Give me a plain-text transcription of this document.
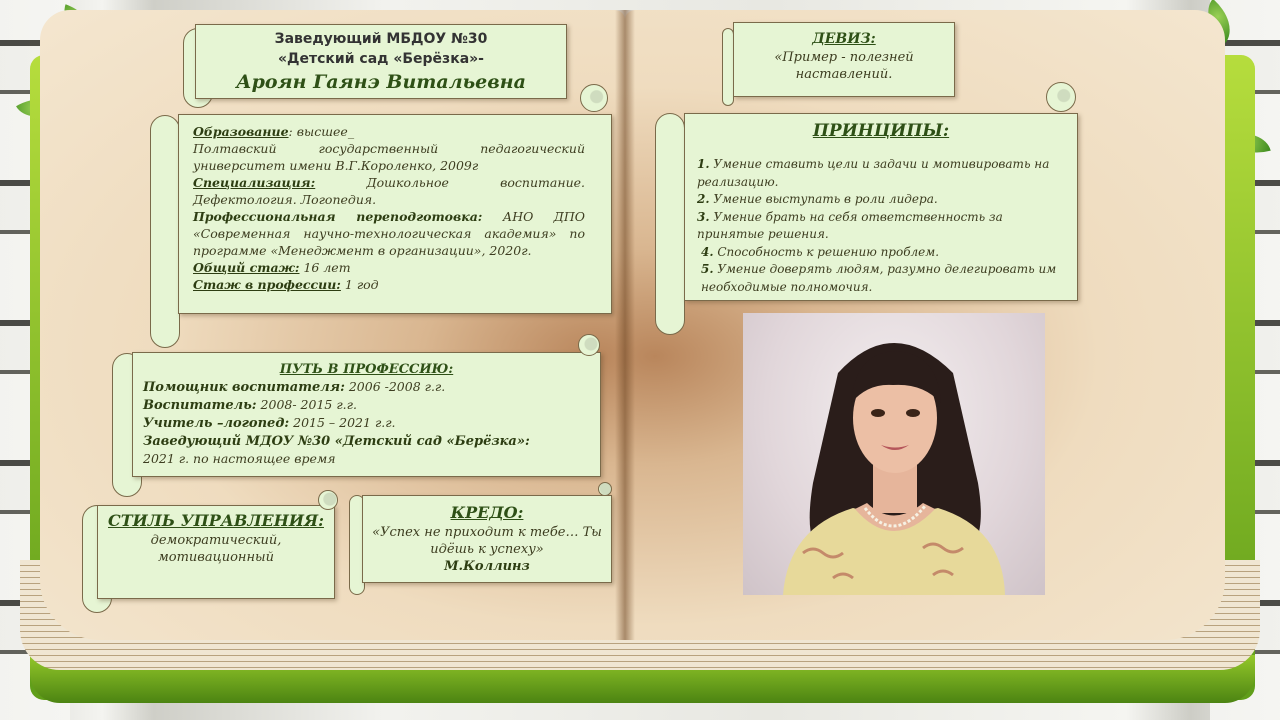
Заведующий МБДОУ №30
«Детский сад «Берёзка»-
Ароян Гаянэ Витальевна
Образование: высшее_
Полтавский государственный педагогический университет имени В.Г.Короленко, 2009г
Специализация: Дошкольное воспитание. Дефектология. Логопедия.
Профессиональная переподготовка: АНО ДПО «Современная научно-технологическая академия» по программе «Менеджмент в организации», 2020г.
Общий стаж: 16 лет
Стаж в профессии: 1 год
ПУТЬ В ПРОФЕССИЮ:
Помощник воспитателя: 2006 -2008 г.г.
Воспитатель: 2008- 2015 г.г.
Учитель –логопед: 2015 – 2021 г.г.
Заведующий МДОУ №30 «Детский сад «Берёзка»:
2021 г. по настоящее время
СТИЛЬ УПРАВЛЕНИЯ:
демократический, мотивационный
КРЕДО:
«Успех не приходит к тебе… Ты идёшь к успеху»
М.Коллинз
ДЕВИЗ:
«Пример - полезней наставлений.
ПРИНЦИПЫ:
1. Умение ставить цели и задачи и мотивировать на реализацию.
2. Умение выступать в роли лидера.
3. Умение брать на себя ответственность за принятые решения.
4. Способность к решению проблем.
5. Умение доверять людям, разумно делегировать им необходимые полномочия.
